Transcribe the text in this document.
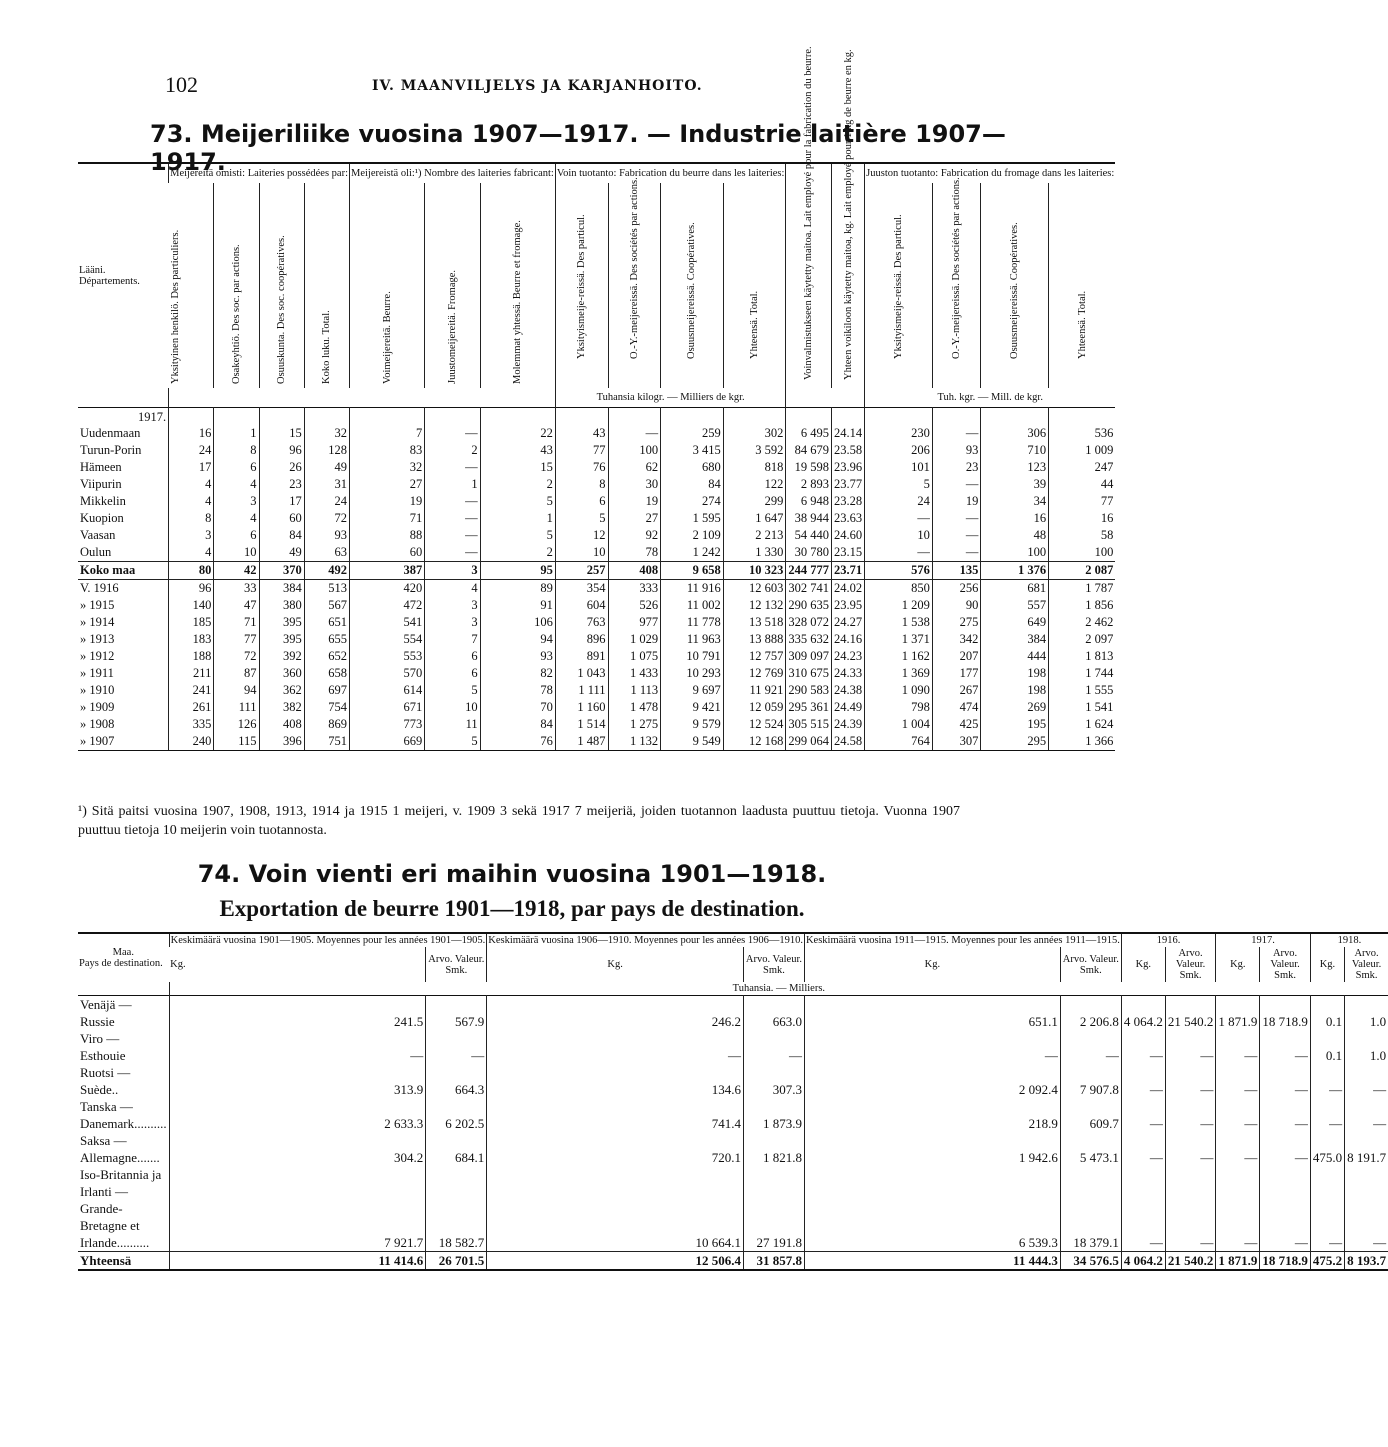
102	IV. MAANVILJELYS JA KARJANHOITO.
73. Meijeriliike vuosina 1907—1917. — Industrie laitière 1907—1917.
Lääni.
Départements.	Meijereitä omisti: Laiteries possédées par:				Meijereistä oli:¹) Nombre des laiteries fabricant:			Voin tuotanto: Fabrication du beurre dans les laiteries:				Voinvalmistukseen käytetty maitoa. Lait employé pour la fabrication du beurre.	Yhteen voikiloon käytetty maitoa, kg. Lait employé pour 1 kg de beurre en kg.	Juuston tuotanto: Fabrication du fromage dans les laiteries:			
	Yksityinen henkilö. Des particuliers.	Osakeyhtiö. Des soc. par actions.	Osuuskunta. Des soc. coopératives.	Koko luku. Total.	Voimeijereitä. Beurre.	Juustomeijereitä. Fromage.	Molemmat yhtessä. Beurre et fromage.	Yksityismeije-reissä. Des particul.	O.-Y.-meijereissä. Des sociétés par actions.	Osuusmeijereissä. Coopératives.	Yhteensä. Total.			Yksityismeije-reissä. Des particul.	O.-Y.-meijereissä. Des sociétés par actions.	Osuusmeijereissä. Coopératives.	Yhteensä. Total.
								Tuhansia kilogr. — Milliers de kgr.						Tuh. kgr. — Mill. de kgr.			
1917.																	
Uudenmaan	16	1	15	32	7	—	22	43	—	259	302	6 495	24.14	230	—	306	536
Turun-Porin	24	8	96	128	83	2	43	77	100	3 415	3 592	84 679	23.58	206	93	710	1 009
Hämeen	17	6	26	49	32	—	15	76	62	680	818	19 598	23.96	101	23	123	247
Viipurin	4	4	23	31	27	1	2	8	30	84	122	2 893	23.77	5	—	39	44
Mikkelin	4	3	17	24	19	—	5	6	19	274	299	6 948	23.28	24	19	34	77
Kuopion	8	4	60	72	71	—	1	5	27	1 595	1 647	38 944	23.63	—	—	16	16
Vaasan	3	6	84	93	88	—	5	12	92	2 109	2 213	54 440	24.60	10	—	48	58
Oulun	4	10	49	63	60	—	2	10	78	1 242	1 330	30 780	23.15	—	—	100	100
Koko maa	80	42	370	492	387	3	95	257	408	9 658	10 323	244 777	23.71	576	135	1 376	2 087
V. 1916	96	33	384	513	420	4	89	354	333	11 916	12 603	302 741	24.02	850	256	681	1 787
» 1915	140	47	380	567	472	3	91	604	526	11 002	12 132	290 635	23.95	1 209	90	557	1 856
» 1914	185	71	395	651	541	3	106	763	977	11 778	13 518	328 072	24.27	1 538	275	649	2 462
» 1913	183	77	395	655	554	7	94	896	1 029	11 963	13 888	335 632	24.16	1 371	342	384	2 097
» 1912	188	72	392	652	553	6	93	891	1 075	10 791	12 757	309 097	24.23	1 162	207	444	1 813
» 1911	211	87	360	658	570	6	82	1 043	1 433	10 293	12 769	310 675	24.33	1 369	177	198	1 744
» 1910	241	94	362	697	614	5	78	1 111	1 113	9 697	11 921	290 583	24.38	1 090	267	198	1 555
» 1909	261	111	382	754	671	10	70	1 160	1 478	9 421	12 059	295 361	24.49	798	474	269	1 541
» 1908	335	126	408	869	773	11	84	1 514	1 275	9 579	12 524	305 515	24.39	1 004	425	195	1 624
» 1907	240	115	396	751	669	5	76	1 487	1 132	9 549	12 168	299 064	24.58	764	307	295	1 366
¹) Sitä paitsi vuosina 1907, 1908, 1913, 1914 ja 1915 1 meijeri, v. 1909 3 sekä 1917 7 meijeriä, joiden tuotannon laadusta puuttuu tietoja. Vuonna 1907 puuttuu tietoja 10 meijerin voin tuotannosta.
74. Voin vienti eri maihin vuosina 1901—1918.
Exportation de beurre 1901—1918, par pays de destination.
Maa.
Pays de destination.	Keskimäärä vuosina 1901—1905. Moyennes pour les années 1901—1905.		Keskimäärä vuosina 1906—1910. Moyennes pour les années 1906—1910.		Keskimäärä vuosina 1911—1915. Moyennes pour les années 1911—1915.		1916.		1917.		1918.	
	Kg.	Arvo. Valeur. Smk.	Kg.	Arvo. Valeur. Smk.	Kg.	Arvo. Valeur. Smk.	Kg.	Arvo. Valeur. Smk.	Kg.	Arvo. Valeur. Smk.	Kg.	Arvo. Valeur. Smk.
	Tuhansia. — Milliers.											
Venäjä — Russie	241.5	567.9	246.2	663.0	651.1	2 206.8	4 064.2	21 540.2	1 871.9	18 718.9	0.1	1.0
Viro — Esthouie	—	—	—	—	—	—	—	—	—	—	0.1	1.0
Ruotsi — Suède..	313.9	664.3	134.6	307.3	2 092.4	7 907.8	—	—	—	—	—	—
Tanska — Danemark..........	2 633.3	6 202.5	741.4	1 873.9	218.9	609.7	—	—	—	—	—	—
Saksa — Allemagne.......	304.2	684.1	720.1	1 821.8	1 942.6	5 473.1	—	—	—	—	475.0	8 191.7
Iso-Britannia ja Irlanti — Grande-Bretagne et Irlande..........	7 921.7	18 582.7	10 664.1	27 191.8	6 539.3	18 379.1	—	—	—	—	—	—
Yhteensä	11 414.6	26 701.5	12 506.4	31 857.8	11 444.3	34 576.5	4 064.2	21 540.2	1 871.9	18 718.9	475.2	8 193.7
